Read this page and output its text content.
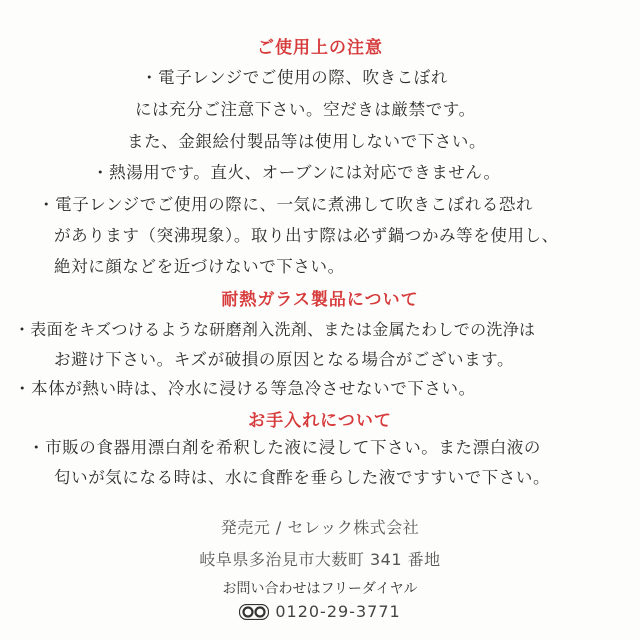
ご使用上の注意
・電子レンジでご使用の際、吹きこぼれ
には充分ご注意下さい。空だきは厳禁です。
また、金銀絵付製品等は使用しないで下さい。
・熱湯用です。直火、オーブンには対応できません。
・電子レンジでご使用の際に、一気に煮沸して吹きこぼれる恐れ
があります（突沸現象）。取り出す際は必ず鍋つかみ等を使用し、
絶対に顔などを近づけないで下さい。
耐熱ガラス製品について
・表面をキズつけるような研磨剤入洗剤、または金属たわしでの洗浄は
お避け下さい。キズが破損の原因となる場合がございます。
・本体が熱い時は、冷水に浸ける等急冷させないで下さい。
お手入れについて
・市販の食器用漂白剤を希釈した液に浸して下さい。また漂白液の
匂いが気になる時は、水に食酢を垂らした液ですすいで下さい。
発売元 / セレック株式会社
岐阜県多治見市大薮町 341 番地
お問い合わせはフリーダイヤル
0120-29-3771
